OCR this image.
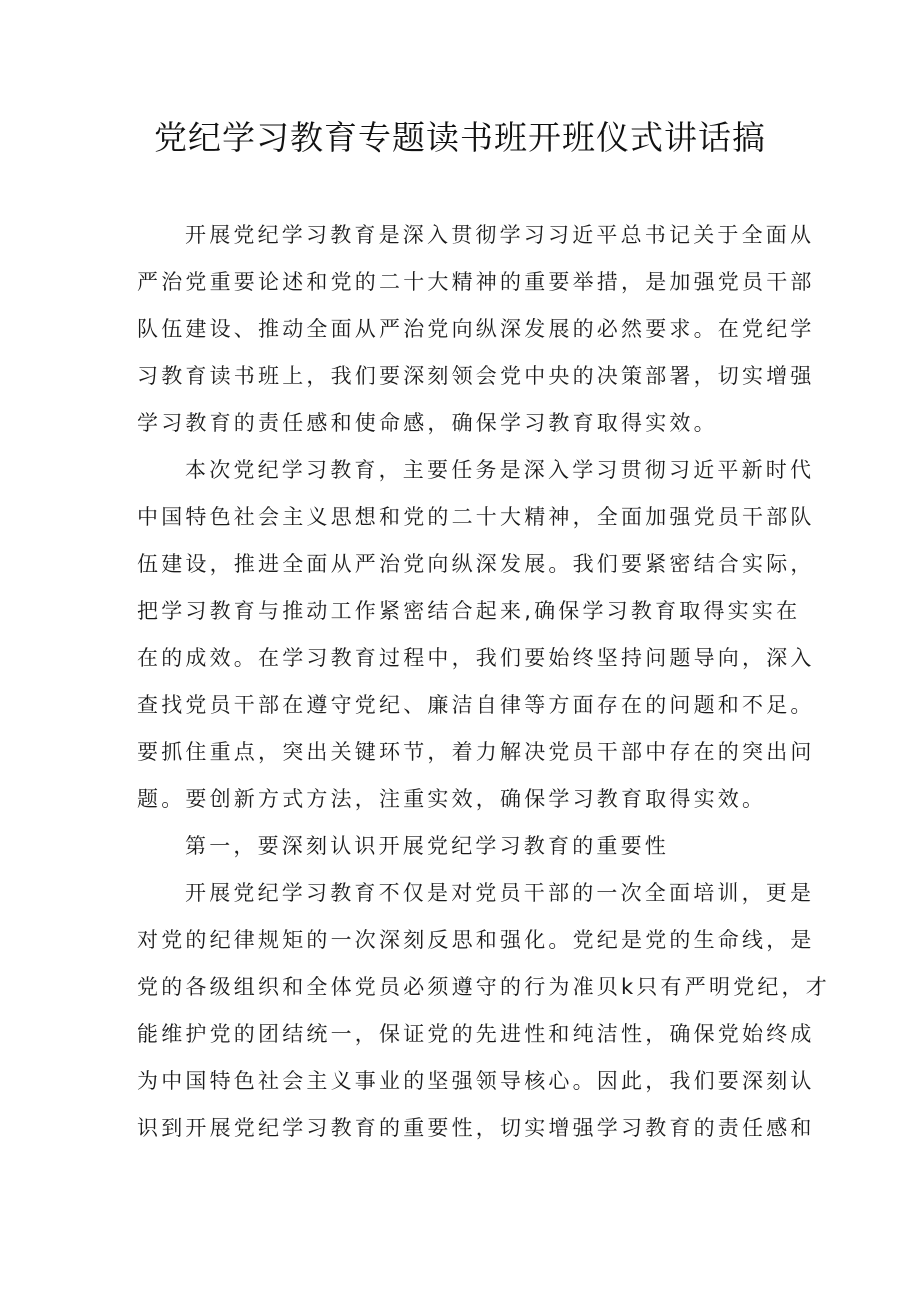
党纪学习教育专题读书班开班仪式讲话搞
开展党纪学习教育是深入贯彻学习习近平总书记关于全面从
严治党重要论述和党的二十大精神的重要举措，是加强党员干部
队伍建设、推动全面从严治党向纵深发展的必然要求。在党纪学
习教育读书班上，我们要深刻领会党中央的决策部署，切实增强
学习教育的责任感和使命感，确保学习教育取得实效。
本次党纪学习教育，主要任务是深入学习贯彻习近平新时代
中国特色社会主义思想和党的二十大精神，全面加强党员干部队
伍建设，推进全面从严治党向纵深发展。我们要紧密结合实际，
把学习教育与推动工作紧密结合起来,确保学习教育取得实实在
在的成效。在学习教育过程中，我们要始终坚持问题导向，深入
查找党员干部在遵守党纪、廉洁自律等方面存在的问题和不足。
要抓住重点，突出关键环节，着力解决党员干部中存在的突出问
题。要创新方式方法，注重实效，确保学习教育取得实效。
第一，要深刻认识开展党纪学习教育的重要性
开展党纪学习教育不仅是对党员干部的一次全面培训，更是
对党的纪律规矩的一次深刻反思和强化。党纪是党的生命线，是
党的各级组织和全体党员必须遵守的行为准贝k只有严明党纪，才
能维护党的团结统一，保证党的先进性和纯洁性，确保党始终成
为中国特色社会主义事业的坚强领导核心。因此，我们要深刻认
识到开展党纪学习教育的重要性，切实增强学习教育的责任感和
